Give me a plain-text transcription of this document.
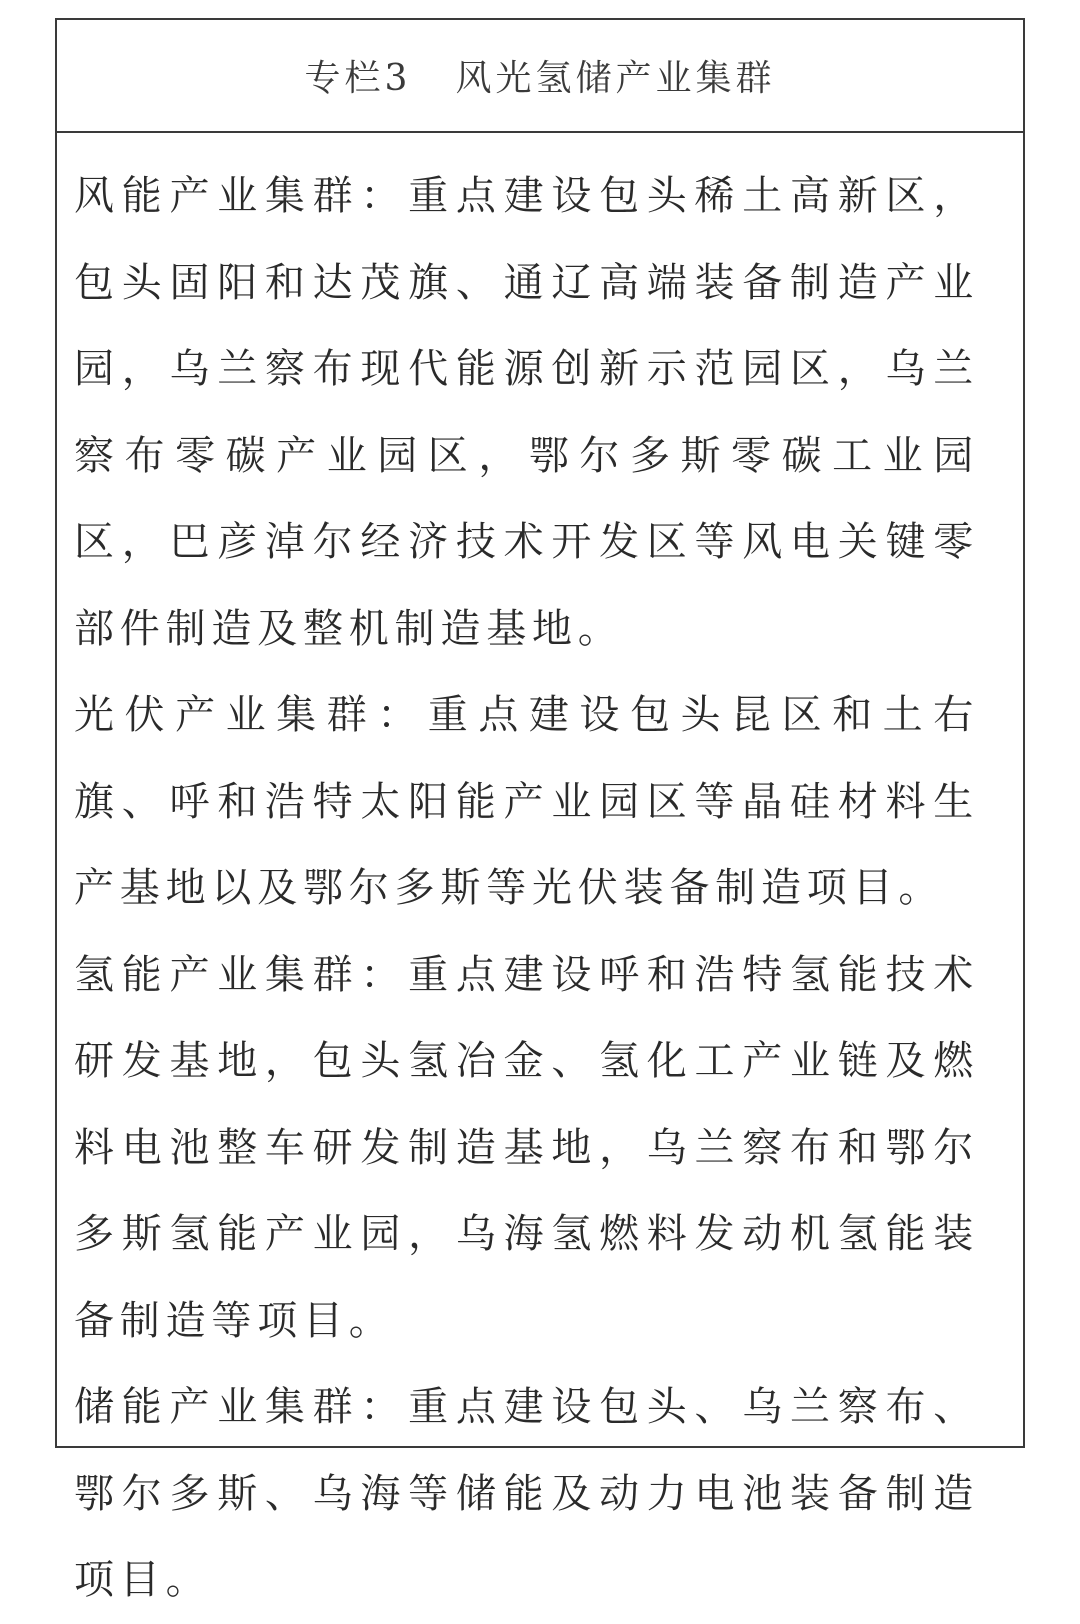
专栏3 风光氢储产业集群

风能产业集群：重点建设包头稀土高新区，包头固阳和达茂旗、通辽高端装备制造产业园，乌兰察布现代能源创新示范园区，乌兰察布零碳产业园区，鄂尔多斯零碳工业园区，巴彦淖尔经济技术开发区等风电关键零部件制造及整机制造基地。

光伏产业集群：重点建设包头昆区和土右旗、呼和浩特太阳能产业园区等晶硅材料生产基地以及鄂尔多斯等光伏装备制造项目。

氢能产业集群：重点建设呼和浩特氢能技术研发基地，包头氢冶金、氢化工产业链及燃料电池整车研发制造基地，乌兰察布和鄂尔多斯氢能产业园，乌海氢燃料发动机氢能装备制造等项目。

储能产业集群：重点建设包头、乌兰察布、鄂尔多斯、乌海等储能及动力电池装备制造项目。
